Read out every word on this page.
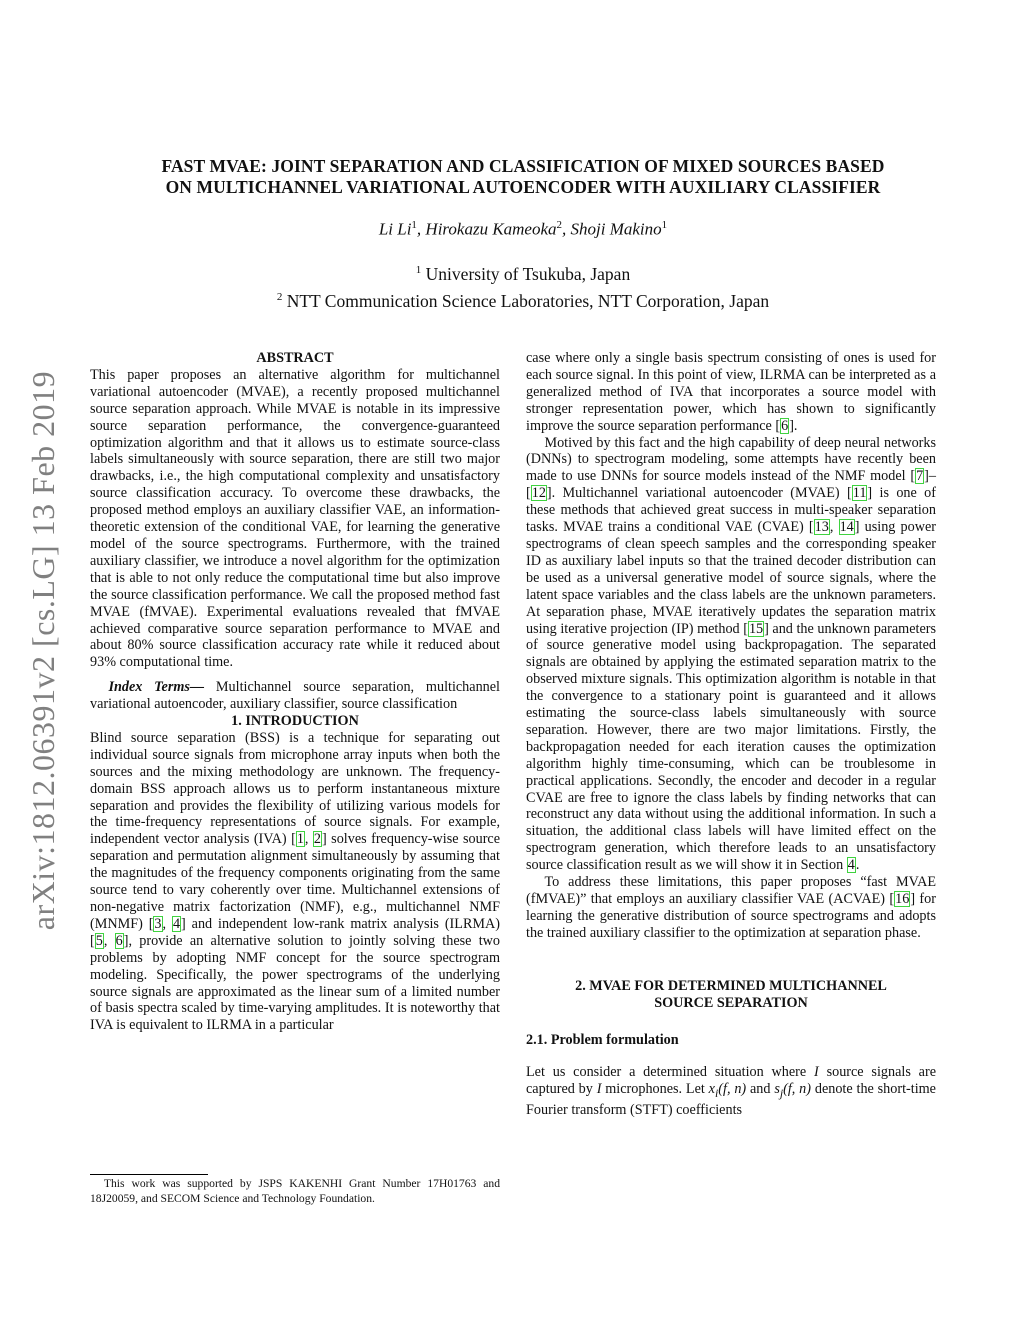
arXiv:1812.06391v2 [cs.LG] 13 Feb 2019
FAST MVAE: JOINT SEPARATION AND CLASSIFICATION OF MIXED SOURCES BASED
ON MULTICHANNEL VARIATIONAL AUTOENCODER WITH AUXILIARY CLASSIFIER
Li Li$^1$, Hirokazu Kameoka$^2$, Shoji Makino$^1$
$^1$ University of Tsukuba, Japan
$^2$ NTT Communication Science Laboratories, NTT Corporation, Japan

ABSTRACT

This paper proposes an alternative algorithm for multichannel variational autoencoder (MVAE), a recently proposed multichannel source separation approach. While MVAE is notable in its impressive source separation performance, the convergence-guaranteed optimization algorithm and that it allows us to estimate source-class labels simultaneously with source separation, there are still two major drawbacks, i.e., the high computational complexity and unsatisfactory source classification accuracy. To overcome these drawbacks, the proposed method employs an auxiliary classifier VAE, an information-theoretic extension of the conditional VAE, for learning the generative model of the source spectrograms. Furthermore, with the trained auxiliary classifier, we introduce a novel algorithm for the optimization that is able to not only reduce the computational time but also improve the source classification performance. We call the proposed method fast MVAE (fMVAE). Experimental evaluations revealed that fMVAE achieved comparative source separation performance to MVAE and about 80% source classification accuracy rate while it reduced about 93% computational time.

Index Terms— Multichannel source separation, multichannel variational autoencoder, auxiliary classifier, source classification

1. INTRODUCTION

Blind source separation (BSS) is a technique for separating out individual source signals from microphone array inputs when both the sources and the mixing methodology are unknown. The frequency-domain BSS approach allows us to perform instantaneous mixture separation and provides the flexibility of utilizing various models for the time-frequency representations of source signals. For example, independent vector analysis (IVA) [1, 2] solves frequency-wise source separation and permutation alignment simultaneously by assuming that the magnitudes of the frequency components originating from the same source tend to vary coherently over time. Multichannel extensions of non-negative matrix factorization (NMF), e.g., multichannel NMF (MNMF) [3, 4] and independent low-rank matrix analysis (ILRMA) [5, 6], provide an alternative solution to jointly solving these two problems by adopting NMF concept for the source spectrogram modeling. Specifically, the power spectrograms of the underlying source signals are approximated as the linear sum of a limited number of basis spectra scaled by time-varying amplitudes. It is noteworthy that IVA is equivalent to ILRMA in a particular

case where only a single basis spectrum consisting of ones is used for each source signal. In this point of view, ILRMA can be interpreted as a generalized method of IVA that incorporates a source model with stronger representation power, which has shown to significantly improve the source separation performance [6].

Motived by this fact and the high capability of deep neural networks (DNNs) to spectrogram modeling, some attempts have recently been made to use DNNs for source models instead of the NMF model [7]–[12]. Multichannel variational autoencoder (MVAE) [11] is one of these methods that achieved great success in multi-speaker separation tasks. MVAE trains a conditional VAE (CVAE) [13, 14] using power spectrograms of clean speech samples and the corresponding speaker ID as auxiliary label inputs so that the trained decoder distribution can be used as a universal generative model of source signals, where the latent space variables and the class labels are the unknown parameters. At separation phase, MVAE iteratively updates the separation matrix using iterative projection (IP) method [15] and the unknown parameters of source generative model using backpropagation. The separated signals are obtained by applying the estimated separation matrix to the observed mixture signals. This optimization algorithm is notable in that the convergence to a stationary point is guaranteed and it allows estimating the source-class labels simultaneously with source separation. However, there are two major limitations. Firstly, the backpropagation needed for each iteration causes the optimization algorithm highly time-consuming, which can be troublesome in practical applications. Secondly, the encoder and decoder in a regular CVAE are free to ignore the class labels by finding networks that can reconstruct any data without using the additional information. In such a situation, the additional class labels will have limited effect on the spectrogram generation, which therefore leads to an unsatisfactory source classification result as we will show it in Section 4.

To address these limitations, this paper proposes “fast MVAE (fMVAE)” that employs an auxiliary classifier VAE (ACVAE) [16] for learning the generative distribution of source spectrograms and adopts the trained auxiliary classifier to the optimization at separation phase.

2. MVAE FOR DETERMINED MULTICHANNEL
SOURCE SEPARATION

2.1. Problem formulation

Let us consider a determined situation where I source signals are captured by I microphones. Let $x_i(f$, n) and $s_j(f$, n) denote the short-time Fourier transform (STFT) coefficients

This work was supported by JSPS KAKENHI Grant Number 17H01763 and 18J20059, and SECOM Science and Technology Foundation.
